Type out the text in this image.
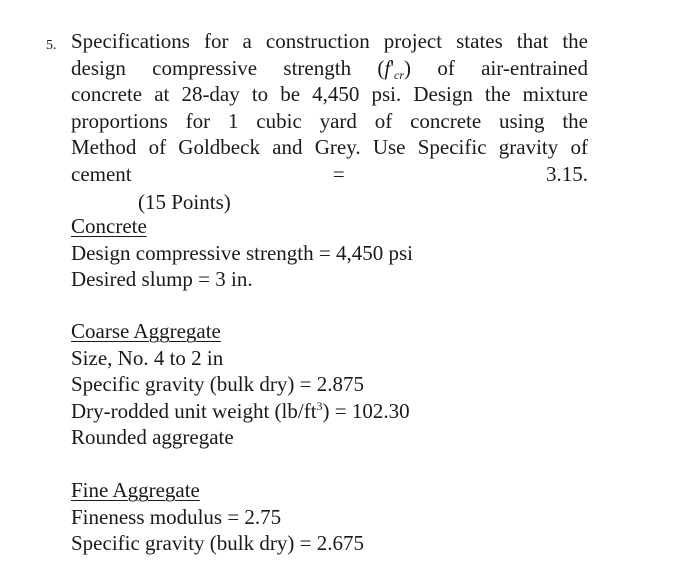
5. Specifications for a construction project states that the
design compressive strength $(f'_{cr})$ of air-entrained
concrete at 28-day to be 4,450 psi. Design the mixture
proportions for 1 cubic yard of concrete using the
Method of Goldbeck and Grey. Use Specific gravity of
cement = 3.15.
(15 Points)
Concrete
Design compressive strength = 4,450 psi
Desired slump = 3 in.
Coarse Aggregate
Size, No. 4 to 2 in
Specific gravity (bulk dry) = 2.875
Dry-rodded unit weight $(lb/ft^3) = 102.30$
Rounded aggregate
Fine Aggregate
Fineness modulus = 2.75
Specific gravity (bulk dry) = 2.675
